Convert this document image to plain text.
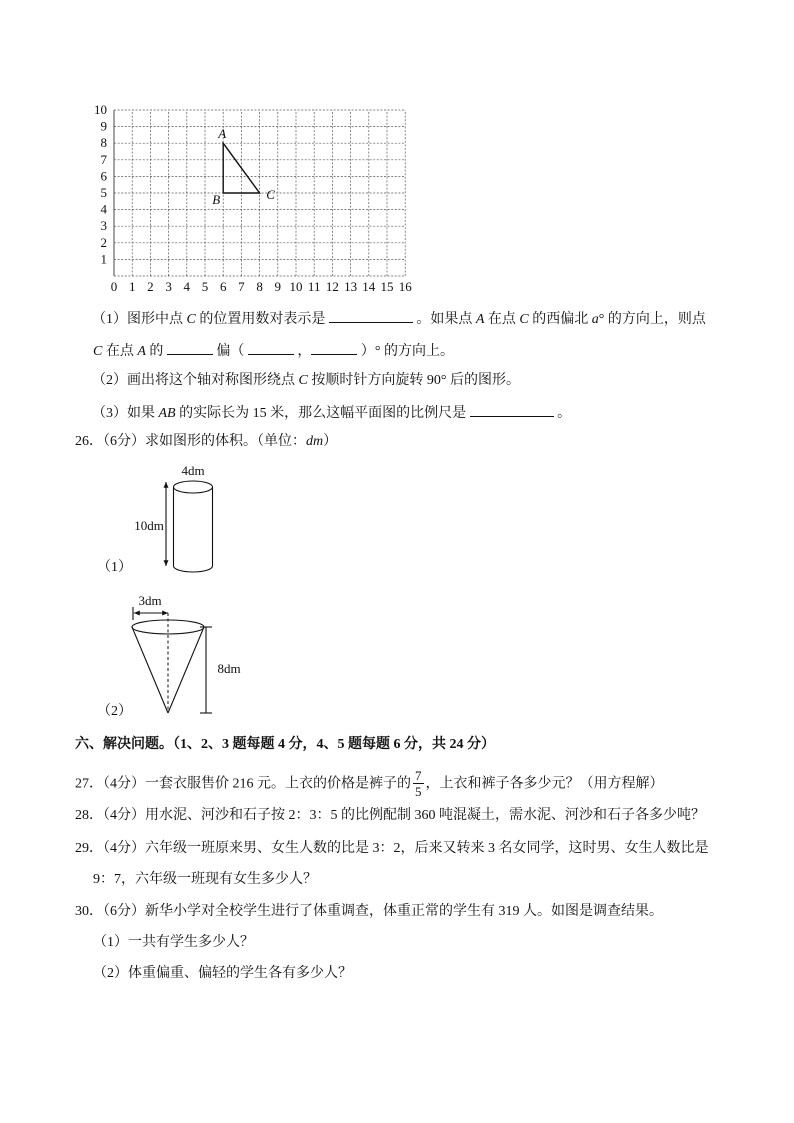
0 1 2 3 4 5 6 7 8 9 10 11 12 13 14 15 16
1
2
3
4
5
6
7
8
9
10
A
B	C
（1）图形中点 C 的位置用数对表示是	。如果点 A 在点 C 的西偏北 a° 的方向上，则点
C 在点 A 的	偏（	，	）° 的方向上。
（2）画出将这个轴对称图形绕点 C 按顺时针方向旋转 90° 后的图形。
（3）如果 AB 的实际长为 15 米，那么这幅平面图的比例尺是	。
26．（6分）求如图形的体积。（单位：dm）
4dm
10dm
（1）
3dm
8dm
（2）
六、解决问题。（1、2、3 题每题 4 分，4、5 题每题 6 分，共 24 分）
27．（4分）一套衣服售价 216 元。上衣的价格是裤子的 $\frac{7}{5}$ ，上衣和裤子各多少元？（用方程解）
28．（4分）用水泥、河沙和石子按 2：3：5 的比例配制 360 吨混凝土，需水泥、河沙和石子各多少吨？
29．（4分）六年级一班原来男、女生人数的比是 3：2，后来又转来 3 名女同学，这时男、女生人数比是
9：7，六年级一班现有女生多少人？
30．（6分）新华小学对全校学生进行了体重调查，体重正常的学生有 319 人。如图是调查结果。
（1）一共有学生多少人？
（2）体重偏重、偏轻的学生各有多少人？
